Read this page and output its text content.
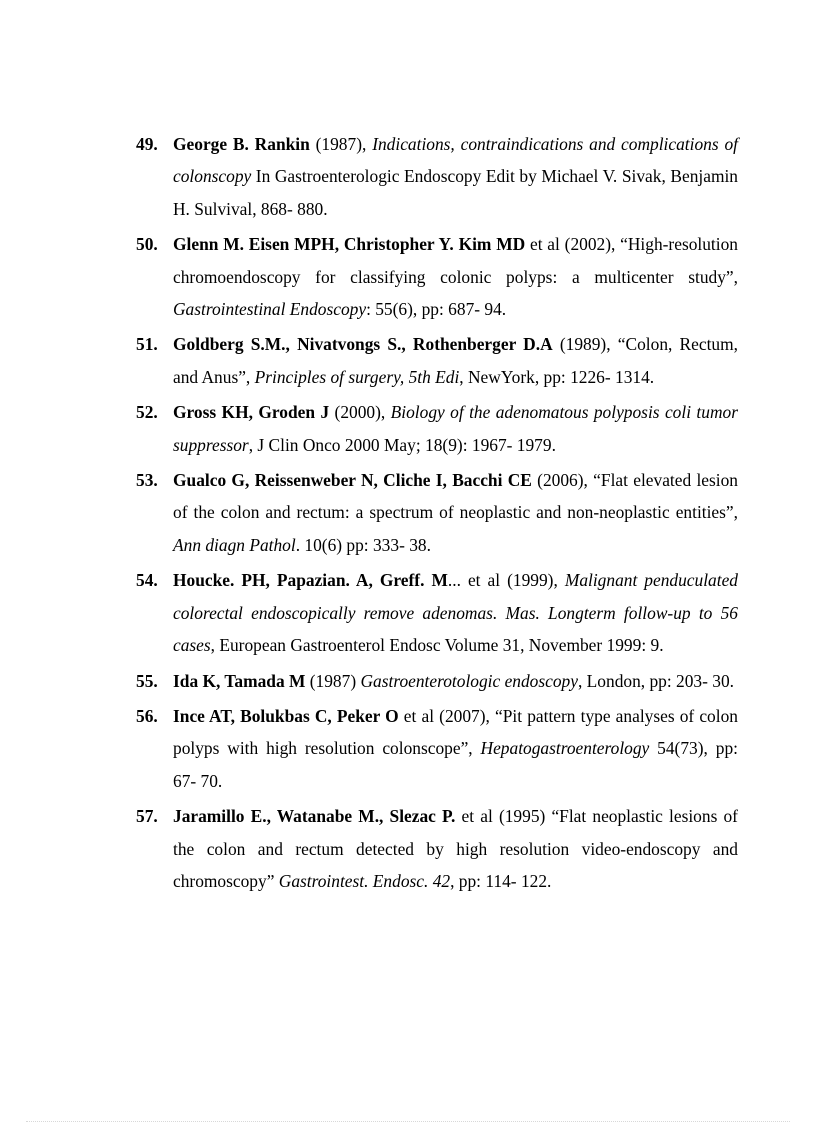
49. George B. Rankin (1987), Indications, contraindications and complications of colonscopy In Gastroenterologic Endoscopy Edit by Michael V. Sivak, Benjamin H. Sulvival, 868- 880.
50. Glenn M. Eisen MPH, Christopher Y. Kim MD et al (2002), “High-resolution chromoendoscopy for classifying colonic polyps: a multicenter study”, Gastrointestinal Endoscopy: 55(6), pp: 687- 94.
51. Goldberg S.M., Nivatvongs S., Rothenberger D.A (1989), “Colon, Rectum, and Anus”, Principles of surgery, 5th Edi, NewYork, pp: 1226- 1314.
52. Gross KH, Groden J (2000), Biology of the adenomatous polyposis coli tumor suppressor, J Clin Onco 2000 May; 18(9): 1967- 1979.
53. Gualco G, Reissenweber N, Cliche I, Bacchi CE (2006), “Flat elevated lesion of the colon and rectum: a spectrum of neoplastic and non-neoplastic entities”, Ann diagn Pathol. 10(6) pp: 333- 38.
54. Houcke. PH, Papazian. A, Greff. M... et al (1999), Malignant penduculated colorectal endoscopically remove adenomas. Mas. Longterm follow-up to 56 cases, European Gastroenterol Endosc Volume 31, November 1999: 9.
55. Ida K, Tamada M (1987) Gastroenterotologic endoscopy, London, pp: 203- 30.
56. Ince AT, Bolukbas C, Peker O et al (2007), “Pit pattern type analyses of colon polyps with high resolution colonscope”, Hepatogastroenterology 54(73), pp: 67- 70.
57. Jaramillo E., Watanabe M., Slezac P. et al (1995) “Flat neoplastic lesions of the colon and rectum detected by high resolution video-endoscopy and chromoscopy” Gastrointest. Endosc. 42, pp: 114- 122.
